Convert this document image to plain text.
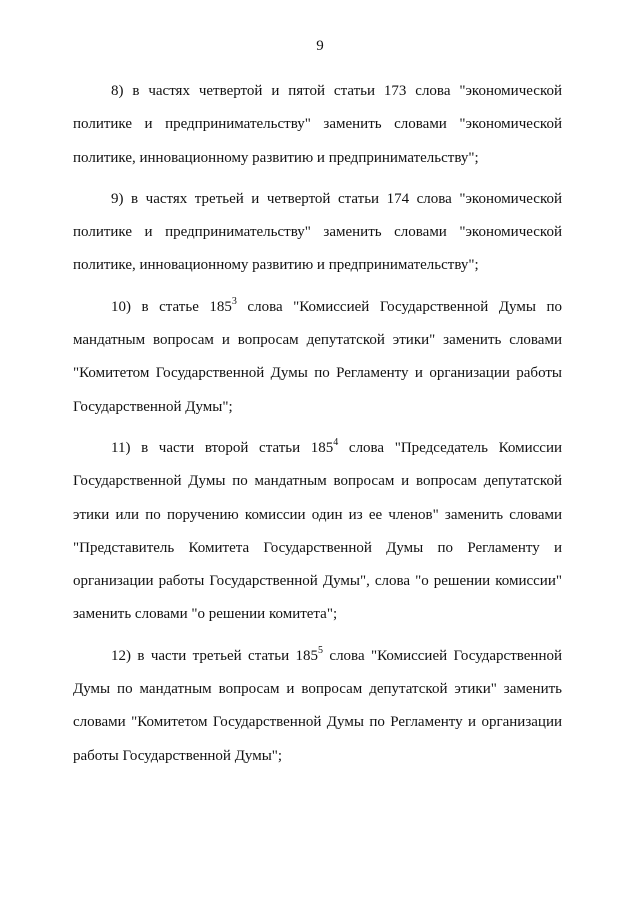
9
8) в частях четвертой и пятой статьи 173 слова "экономической
политике и предпринимательству" заменить словами "экономической
политике, инновационному развитию и предпринимательству";
9) в частях третьей и четвертой статьи 174 слова "экономической
политике и предпринимательству" заменить словами "экономической
политике, инновационному развитию и предпринимательству";
10) в статье $185^3$ слова "Комиссией Государственной Думы по
мандатным вопросам и вопросам депутатской этики" заменить словами
"Комитетом Государственной Думы по Регламенту и организации работы
Государственной Думы";
11) в части второй статьи $185^4$ слова "Председатель Комиссии
Государственной Думы по мандатным вопросам и вопросам депутатской
этики или по поручению комиссии один из ее членов" заменить словами
"Представитель Комитета Государственной Думы по Регламенту и
организации работы Государственной Думы", слова "о решении комиссии"
заменить словами "о решении комитета";
12) в части третьей статьи $185^5$ слова "Комиссией Государственной
Думы по мандатным вопросам и вопросам депутатской этики" заменить
словами "Комитетом Государственной Думы по Регламенту и организации
работы Государственной Думы";
